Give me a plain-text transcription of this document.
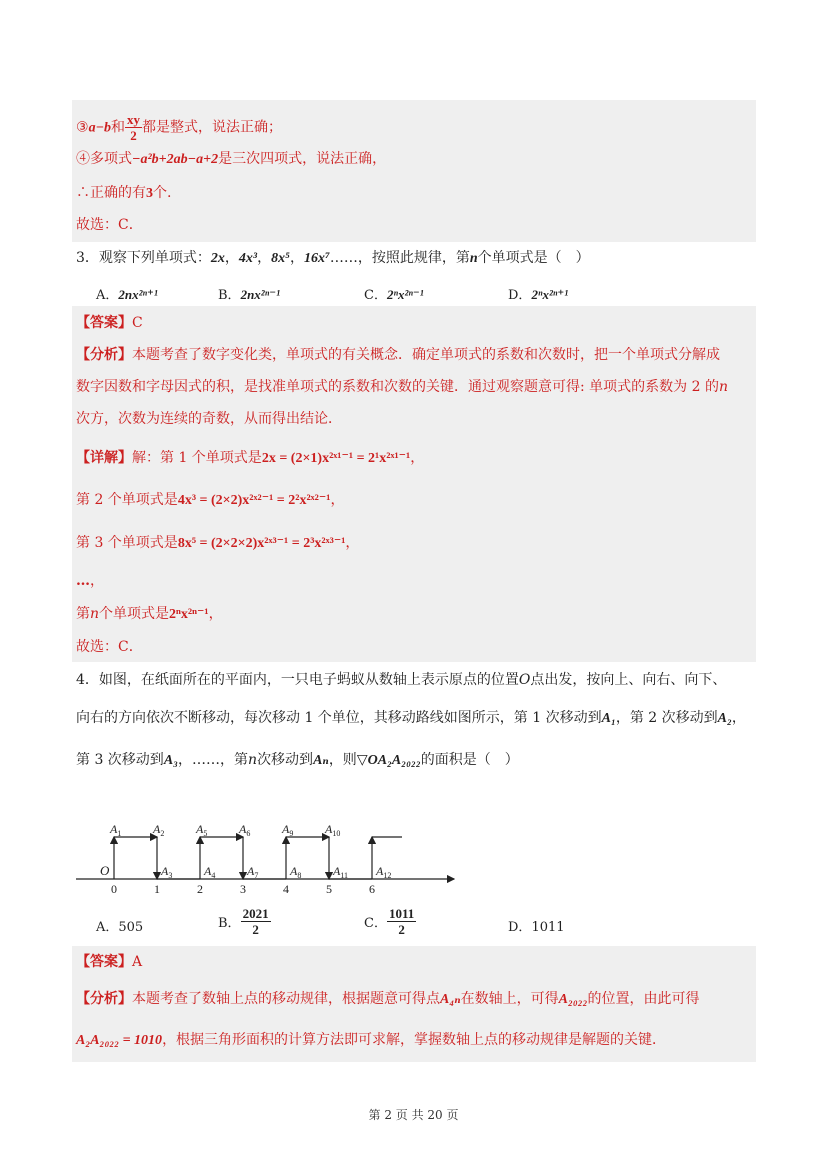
③a−b和 $\frac{xy}{2}$ 都是整式，说法正确；
④多项式−a²b+2ab−a+2是三次四项式，说法正确，
∴正确的有3个.
故选：C．
3．观察下列单项式：2x，4x³，8x⁵，16x⁷……，按照此规律，第n个单项式是（　）
A．2nx²ⁿ⁺¹	B．2nx²ⁿ⁻¹	C．2ⁿx²ⁿ⁻¹	D．2ⁿx²ⁿ⁺¹
【答案】C
【分析】本题考查了数字变化类，单项式的有关概念．确定单项式的系数和次数时，把一个单项式分解成
数字因数和字母因式的积，是找准单项式的系数和次数的关键．通过观察题意可得: 单项式的系数为 2 的n
次方，次数为连续的奇数，从而得出结论．
【详解】解：第 1 个单项式是2x = (2×1)x²ˣ¹⁻¹ = 2¹x²ˣ¹⁻¹，
第 2 个单项式是4x³ = (2×2)x²ˣ²⁻¹ = 2²x²ˣ²⁻¹，
第 3 个单项式是8x⁵ = (2×2×2)x²ˣ³⁻¹ = 2³x²ˣ³⁻¹，
…，
第n个单项式是2ⁿx²ⁿ⁻¹，
故选：C．
4．如图，在纸面所在的平面内，一只电子蚂蚁从数轴上表示原点的位置O点出发，按向上、向右、向下、
向右的方向依次不断移动，每次移动 1 个单位，其移动路线如图所示，第 1 次移动到A₁，第 2 次移动到A₂，
第 3 次移动到A₃，……，第n次移动到Aₙ，则▽OA₂A₂₀₂₂的面积是（　）
0	1	2	3	4	5	6
O
$A_1$	$A_2$	$A_5$	$A_6$	$A_9$	$A_{10}$
$A_3$	$A_4$	$A_7$	$A_8$	$A_{11}$ $A_{12}$
A．505	B． $\frac{2021}{2}$	C． $\frac{1011}{2}$	D．1011
【答案】A
【分析】本题考查了数轴上点的移动规律，根据题意可得点A₄ₙ在数轴上，可得A₂₀₂₂的位置，由此可得
A₂A₂₀₂₂ = 1010，根据三角形面积的计算方法即可求解，掌握数轴上点的移动规律是解题的关键．
第 2 页 共 20 页
